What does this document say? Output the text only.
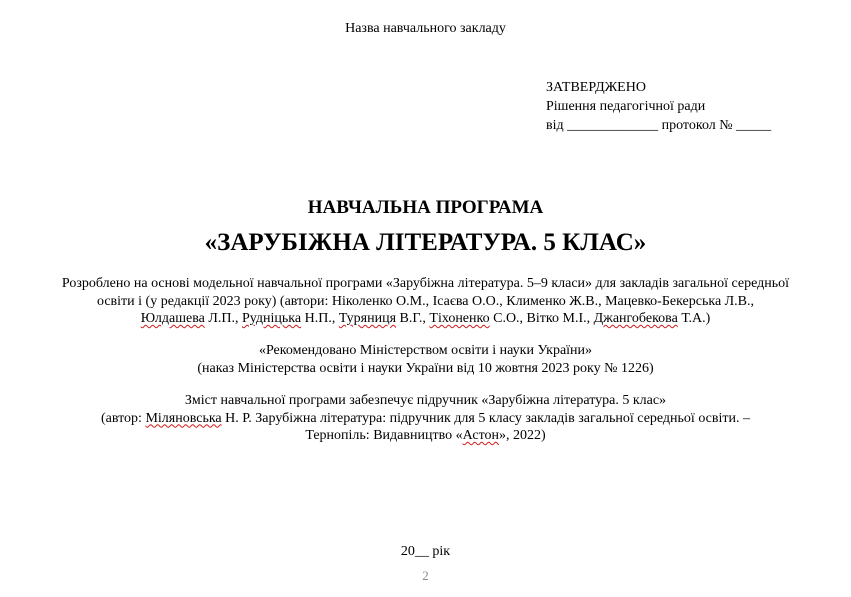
Назва навчального закладу
ЗАТВЕРДЖЕНО
Рішення педагогічної ради
від _____________ протокол № _____
НАВЧАЛЬНА ПРОГРАМА
«ЗАРУБІЖНА ЛІТЕРАТУРА. 5 КЛАС»
Розроблено на основі модельної навчальної програми «Зарубіжна література. 5–9 класи» для закладів загальної середньої
освіти і (у редакції 2023 року) (автори: Ніколенко О.М., Ісаєва О.О., Клименко Ж.В., Мацевко-Бекерська Л.В.,
Юлдашева Л.П., Рудніцька Н.П., Туряниця В.Г., Тіхоненко С.О., Вітко М.І., Джангобекова Т.А.)
«Рекомендовано Міністерством освіти і науки України»
(наказ Міністерства освіти і науки України від 10 жовтня 2023 року № 1226)
Зміст навчальної програми забезпечує підручник «Зарубіжна література. 5 клас»
(автор: Міляновська Н. Р. Зарубіжна література: підручник для 5 класу закладів загальної середньої освіти. –
Тернопіль: Видавництво «Астон», 2022)
20__ рік
2
